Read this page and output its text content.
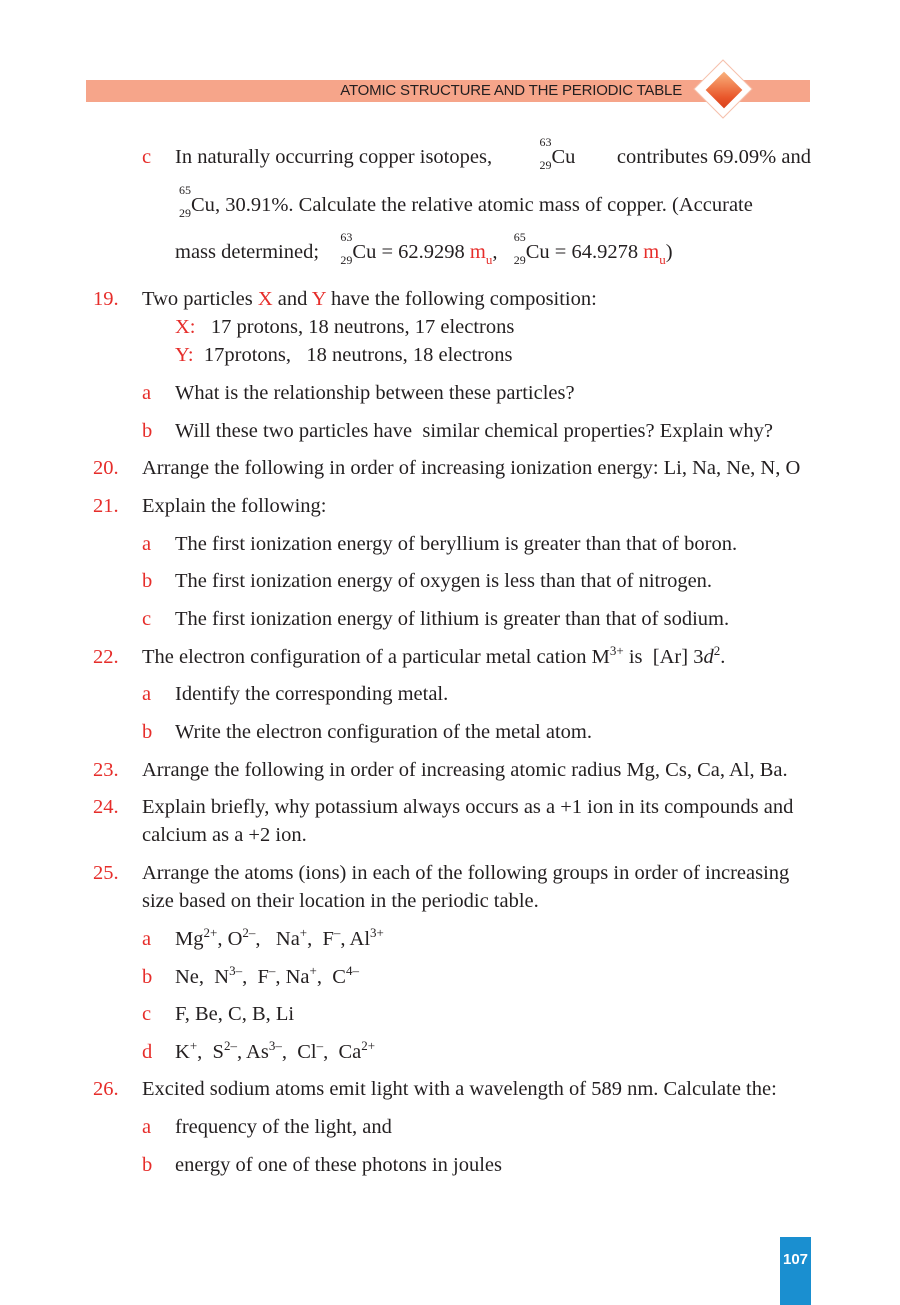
ATOMIC STRUCTURE AND THE PERIODIC TABLE
c In naturally occurring copper isotopes,
63
29 Cu contributes 69.09% and
65
29 Cu, 30.91%. Calculate the relative atomic mass of copper. (Accurate
mass determined;
63
29 Cu = 62.9298 $m_u$,
65
29 Cu = 64.9278 $m_u$)
19. Two particles X and Y have the following composition:
X: 17 protons, 18 neutrons, 17 electrons
Y: 17protons,   18 neutrons, 18 electrons
a What is the relationship between these particles?
b Will these two particles have  similar chemical properties? Explain why?
20. Arrange the following in order of increasing ionization energy: Li, Na, Ne, N, O
21. Explain the following:
a The first ionization energy of beryllium is greater than that of boron.
b The first ionization energy of oxygen is less than that of nitrogen.
c The first ionization energy of lithium is greater than that of sodium.
22. The electron configuration of a particular metal cation $M^{3+}$ is  [Ar] $3d^2$.
a Identify the corresponding metal.
b Write the electron configuration of the metal atom.
23. Arrange the following in order of increasing atomic radius Mg, Cs, Ca, Al, Ba.
24. Explain briefly, why potassium always occurs as a +1 ion in its compounds and
calcium as a +2 ion.
25. Arrange the atoms (ions) in each of the following groups in order of increasing
size based on their location in the periodic table.
a $Mg^{2+}$, $O^{2-}$,   Na+,  F–, $Al^{3+}$
b Ne,  $N^{3-}$,  F–, Na+,  $C^{4-}$
c F, Be, C, B, Li
d K+,  $S^{2-}$, $As^{3-}$,  Cl–,  $Ca^{2+}$
26. Excited sodium atoms emit light with a wavelength of 589 nm. Calculate the:
a frequency of the light, and
b energy of one of these photons in joules
107
